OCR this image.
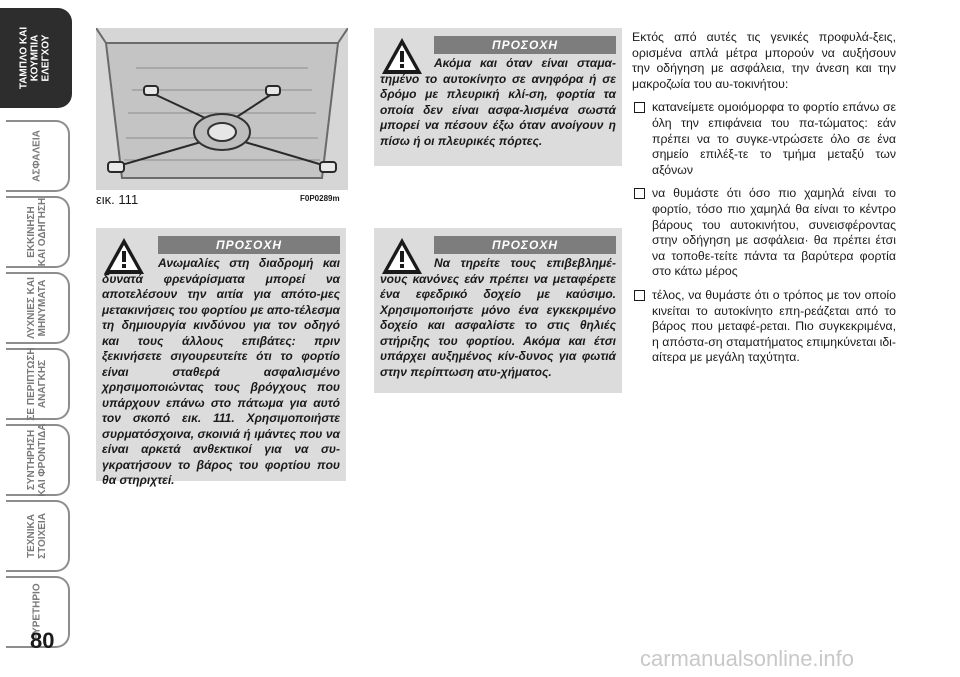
ΤΑΜΠΛΟ ΚΑΙ
ΚΟΥΜΠΙΑ
ΕΛΕΓΧΟΥ
ΑΣΦΑΛΕΙΑ
ΕΚΚΙΝΗΣΗ
ΚΑΙ ΟΔΗΓΗΣΗ
ΛΥΧΝΙΕΣ ΚΑΙ
ΜΗΝΥΜΑΤΑ
ΣΕ ΠΕΡΙΠΤΩΣΗ
ΑΝΑΓΚΗΣ
ΣΥΝΤΗΡΗΣΗ
ΚΑΙ ΦΡΟΝΤΙΔΑ
ΤΕΧΝΙΚΑ
ΣΤΟΙΧΕΙΑ
ΕΥΡΕΤΗΡΙΟ
80
εικ. 111	F0P0289m
ΠΡΟΣΟΧΗ
Ανωμαλίες στη διαδρομή και δυνατά φρενάρίσματα μπορεί να αποτελέσουν την αιτία για απότο-μες μετακινήσεις του φορτίου με απο-τέλεσμα τη δημιουργία κινδύνου για τον οδηγό και τους άλλους επιβάτες: πριν ξεκινήσετε σιγουρευτείτε ότι το φορτίο είναι σταθερά ασφαλισμένο χρησιμοποιώντας τους βρόγχους που υπάρχουν επάνω στο πάτωμα για αυτό τον σκοπό εικ. 111. Χρησιμοποιήστε συρματόσχοινα, σκοινιά ή ιμάντες που να είναι αρκετά ανθεκτικοί για να συ-γκρατήσουν το βάρος του φορτίου που θα στηριχτεί.
ΠΡΟΣΟΧΗ
Ακόμα και όταν είναι σταμα-τημένο το αυτοκίνητο σε ανηφόρα ή σε δρόμο με πλευρική κλί-ση, φορτία τα οποία δεν είναι ασφα-λισμένα σωστά μπορεί να πέσουν έξω όταν ανοίγουν η πίσω ή οι πλευρικές πόρτες.
ΠΡΟΣΟΧΗ
Να τηρείτε τους επιβεβλημέ-νους κανόνες εάν πρέπει να μεταφέρετε ένα εφεδρικό δοχείο με καύσιμο. Χρησιμοποιήστε μόνο ένα εγκεκριμένο δοχείο και ασφαλίστε το στις θηλιές στήριξης του φορτίου. Ακόμα και έτσι υπάρχει αυξημένος κίν-δυνος για φωτιά στην περίπτωση ατυ-χήματος.

Εκτός από αυτές τις γενικές προφυλά-ξεις, ορισμένα απλά μέτρα μπορούν να αυξήσουν την οδήγηση με ασφάλεια, την άνεση και την μακροζωία του αυ-τοκινήτου:

κατανείμετε ομοιόμορφα το φορτίο επάνω σε όλη την επιφάνεια του πα-τώματος: εάν πρέπει να το συγκε-ντρώσετε όλο σε ένα σημείο επιλέξ-τε το τμήμα μεταξύ των αξόνων
να θυμάστε ότι όσο πιο χαμηλά είναι το φορτίο, τόσο πιο χαμηλά θα είναι το κέντρο βάρους του αυτοκινήτου, συνεισφέροντας στην οδήγηση με ασφάλεια· θα πρέπει έτσι να τοποθε-τείτε πάντα τα βαρύτερα φορτία στο κάτω μέρος
τέλος, να θυμάστε ότι ο τρόπος με τον οποίο κινείται το αυτοκίνητο επη-ρεάζεται από το βάρος που μεταφέ-ρεται. Πιο συγκεκριμένα, η απόστα-ση σταματήματος επιμηκύνεται ιδι-αίτερα με μεγάλη ταχύτητα.
carmanualsonline.info
